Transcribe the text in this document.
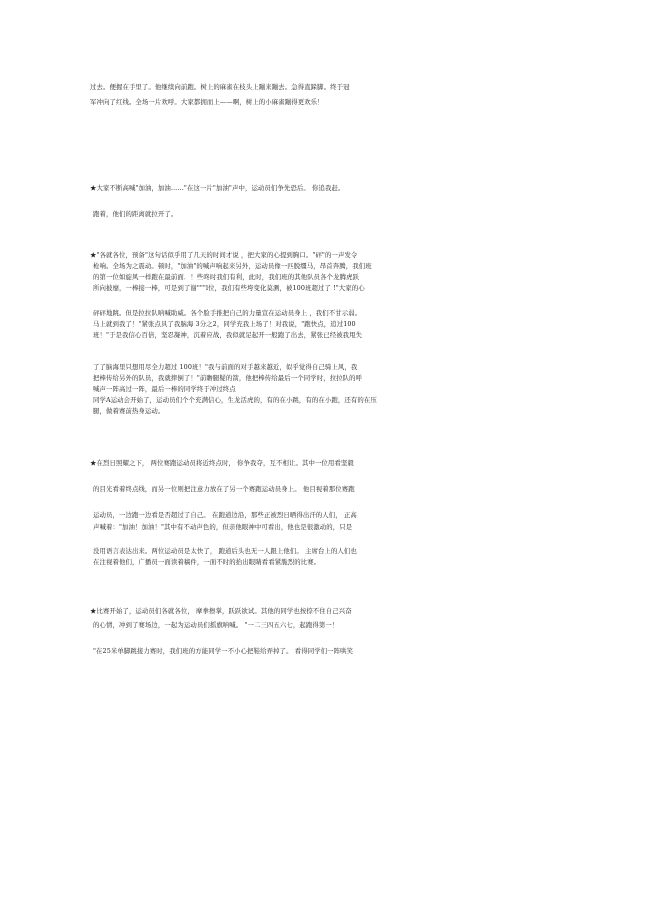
过去。便握在手里了。他继续向前跑。树上的麻雀在枝头上蹦来蹦去。急得直跺脚。终于冠
军冲向了红线。全场一片欢呼。大家都拥而上——啊，树上的小麻雀蹦得更欢乐！
★大家不断高喊"加油，加油……"在这一片"加油"声中，运动员们争先恐后。 你追我赶。
跑着，他们的距离就拉开了。
★"各就各位，预备"这句话似乎用了几天的时间才说 ，把大家的心提到胸口。"砰"的一声发令
枪响。全场为之震动。顿时，"加油"的喊声响起来另外，运动员像一匹脱缰马，昂首奔腾，我们班
的第一位如旋风一样跑在最前面．！些咚时我们有利，此时，我们班的其他队员各个龙腾虎跃
所向披靡，一棒接一棒，可是到了谢"""l位，我们有些垮变化莫测，被100班超过了 !"大家的心
砰砰地跳。但是拉拉队呐喊助威。各个脸手推把自己的力量宣在运动员身上 ，我们不甘示弱。
马上就到我了！"紧张点具了我脑海 3分之2，同学充我上场了！对我说，"跑快点，追过100
班！"于是我信心百倍，坚忍凝神，沉着应战，我似就足起开一般跑了出去，紧张已经被我甩失
了了脑海里只想用尽全力超过 100班！"我与前面的对手越来越近，似乎觉得自己骑上风，我
把棒传给另外的队员，我就摔倒了！"前瞻腿疑的箭，他把棒传给最后一个同学时，拉拉队的呼
喊声一阵高过一阵，最后一棒的同学终于冲过终点
同学A运动会开始了，运动员们个个充满信心，生龙活虎的，有的在小跳，有的在小跑，还有的在压
腿，做着赛前热身运动。
★在烈日照耀之下， 两位赛跑运动员将近终点时， 你争我夺，互不相让。其中一位用看坚毅
的目光看着终点线，而另一位则把注意力放在了另一个赛跑运动员身上。 他目视着那位赛跑
运动员，一边跑一边看是否超过了自己。 在跑道边沿，那些正被烈日晒得出汗的人们， 正高
声喊着："加油！加油！"其中有不动声色的，但亲他眼神中可看出，他也是很激动的，只是
没用语言表达出来。两位运动员是太快了， 跑道后头也无一人跟上他们。 主席台上的人们也
在注视着他们，广播员一面读着稿件，一面不时的抬出眼睛看看紧脆烈的比赛。
★比赛开始了，运动员们各就各位， 摩拳擦掌，跃跃欲试。其他的同学也按捺不住自己兴奋
的心情，冲到了赛场边，一起为运动员们摇旗呐喊。 "一二三四五六七，起跑得第一！
"在25米单脚跳接力赛时，我们班的方能同学一不小心把鞋给弄掉了。 看得同学们一阵哄笑
